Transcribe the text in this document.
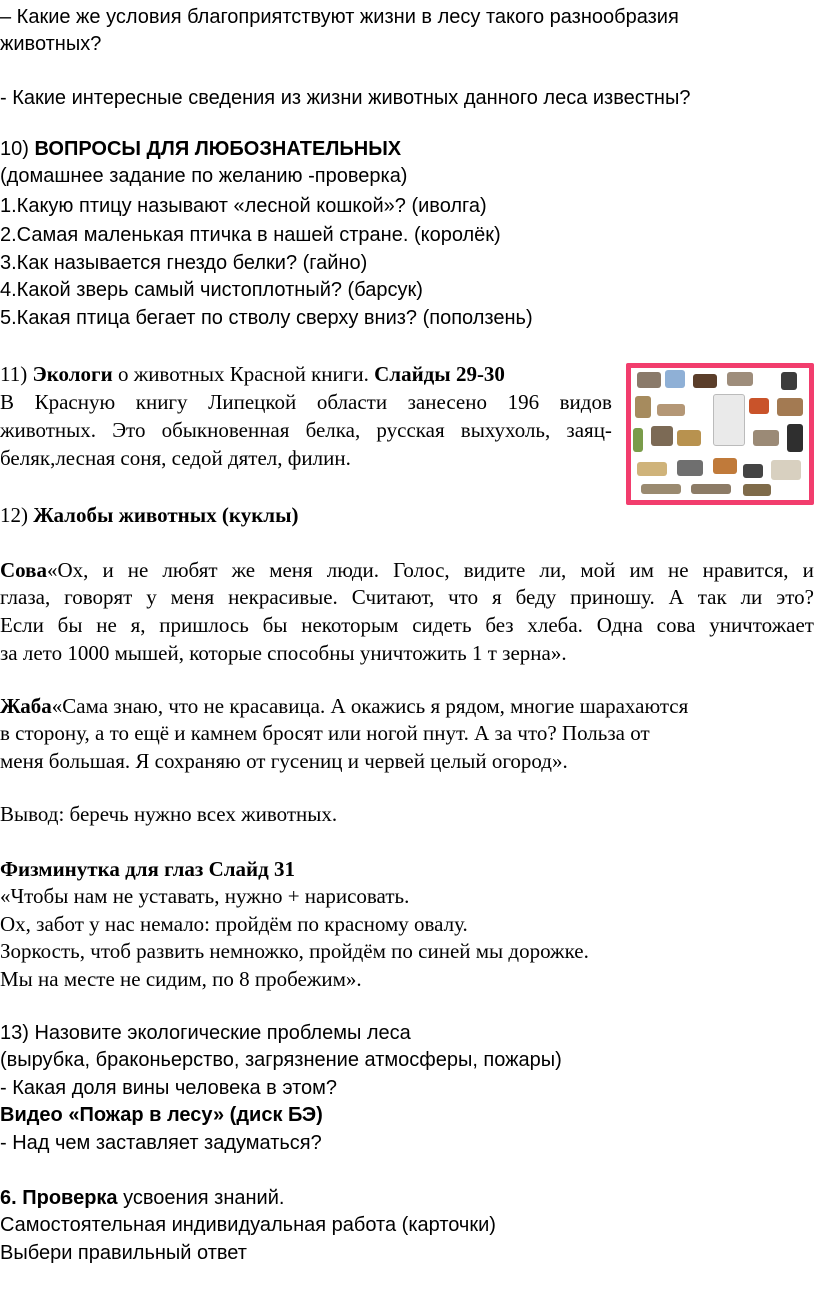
– Какие же условия благоприятствуют жизни в лесу такого разнообразия
животных?
- Какие интересные сведения из жизни животных данного леса известны?
10) ВОПРОСЫ ДЛЯ ЛЮБОЗНАТЕЛЬНЫХ
(домашнее задание по желанию -проверка)
1.Какую птицу называют «лесной кошкой»? (иволга)
2.Самая маленькая птичка в нашей стране. (королёк)
3.Как называется гнездо белки? (гайно)
4.Какой зверь самый чистоплотный? (барсук)
5.Какая птица бегает по стволу сверху вниз? (поползень)
11) Экологи о животных Красной книги. Слайды 29-30
В Красную книгу Липецкой области занесено 196 видов
животных. Это обыкновенная белка, русская выхухоль, заяц-
беляк,лесная соня, седой дятел, филин.
12) Жалобы животных (куклы)
Сова«Ох, и не любят же меня люди. Голос, видите ли, мой им не нравится, и
глаза, говорят у меня некрасивые. Считают, что я беду приношу. А так ли это?
Если бы не я, пришлось бы некоторым сидеть без хлеба. Одна сова уничтожает
за лето 1000 мышей, которые способны уничтожить 1 т зерна».
Жаба«Сама знаю, что не красавица. А окажись я рядом, многие шарахаются
в сторону, а то ещё и камнем бросят или ногой пнут. А за что? Польза от
меня большая. Я сохраняю от гусениц и червей целый огород».
Вывод: беречь нужно всех животных.
Физминутка для глаз Слайд 31
«Чтобы нам не уставать, нужно + нарисовать.
Ох, забот у нас немало: пройдём по красному овалу.
Зоркость, чтоб развить немножко, пройдём по синей мы дорожке.
Мы на месте не сидим, по 8 пробежим».
13) Назовите экологические проблемы леса
(вырубка, браконьерство, загрязнение атмосферы, пожары)
- Какая доля вины человека в этом?
Видео «Пожар в лесу» (диск БЭ)
- Над чем заставляет задуматься?
6. Проверка усвоения знаний.
Самостоятельная индивидуальная работа (карточки)
Выбери правильный ответ
